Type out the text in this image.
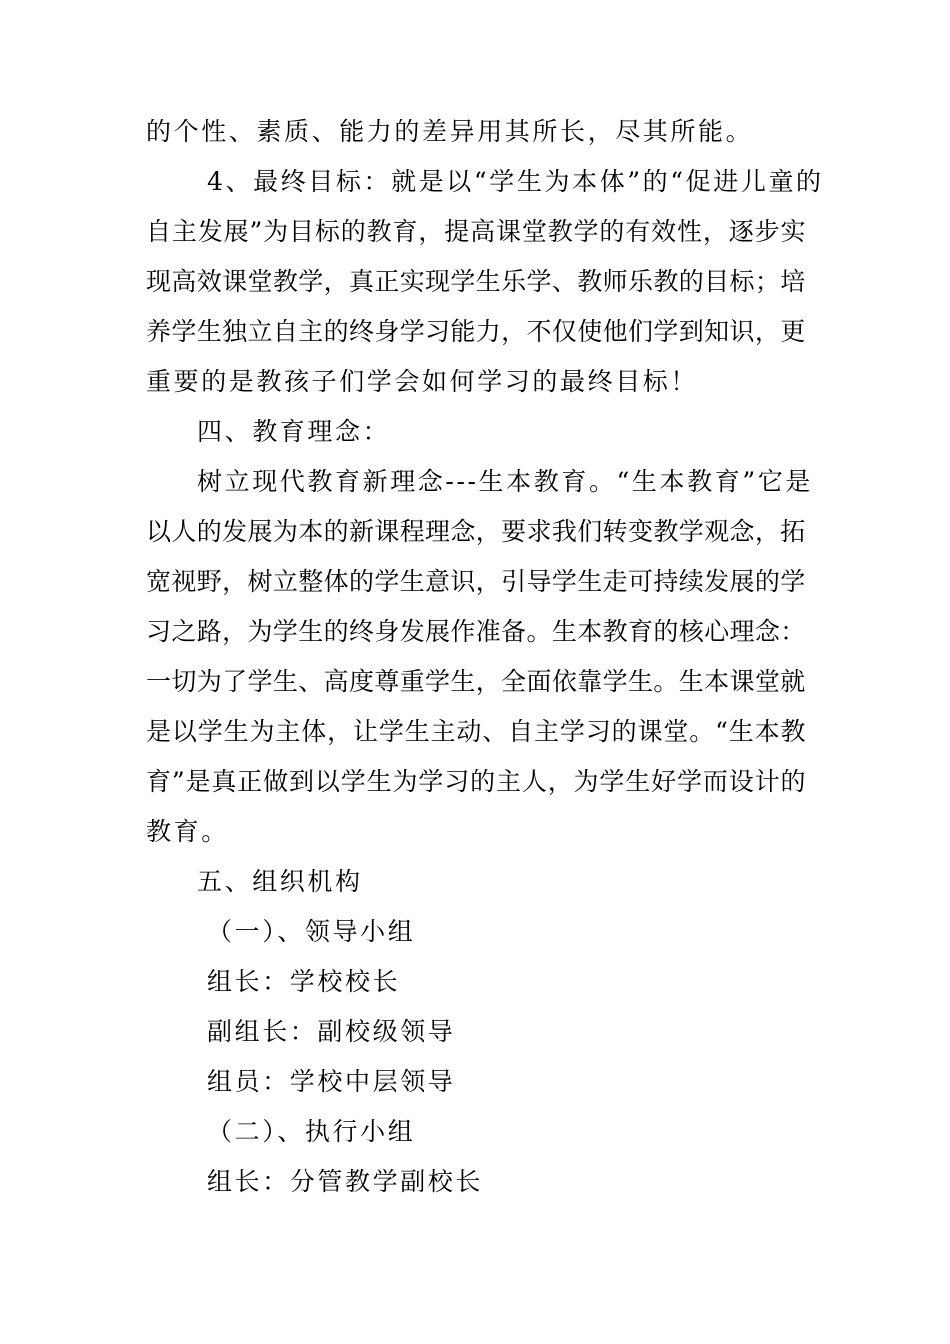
的个性、素质、能力的差异用其所长，尽其所能。
4、最终目标：就是以“学生为本体”的“促进儿童的
自主发展”为目标的教育，提高课堂教学的有效性，逐步实
现高效课堂教学，真正实现学生乐学、教师乐教的目标；培
养学生独立自主的终身学习能力，不仅使他们学到知识，更
重要的是教孩子们学会如何学习的最终目标！
四、教育理念：
树立现代教育新理念---生本教育。“生本教育”它是
以人的发展为本的新课程理念，要求我们转变教学观念，拓
宽视野，树立整体的学生意识，引导学生走可持续发展的学
习之路，为学生的终身发展作准备。生本教育的核心理念：
一切为了学生、高度尊重学生，全面依靠学生。生本课堂就
是以学生为主体，让学生主动、自主学习的课堂。“生本教
育”是真正做到以学生为学习的主人，为学生好学而设计的
教育。
五、组织机构
（一）、领导小组
组长：学校校长
副组长：副校级领导
组员：学校中层领导
（二）、执行小组
组长：分管教学副校长
